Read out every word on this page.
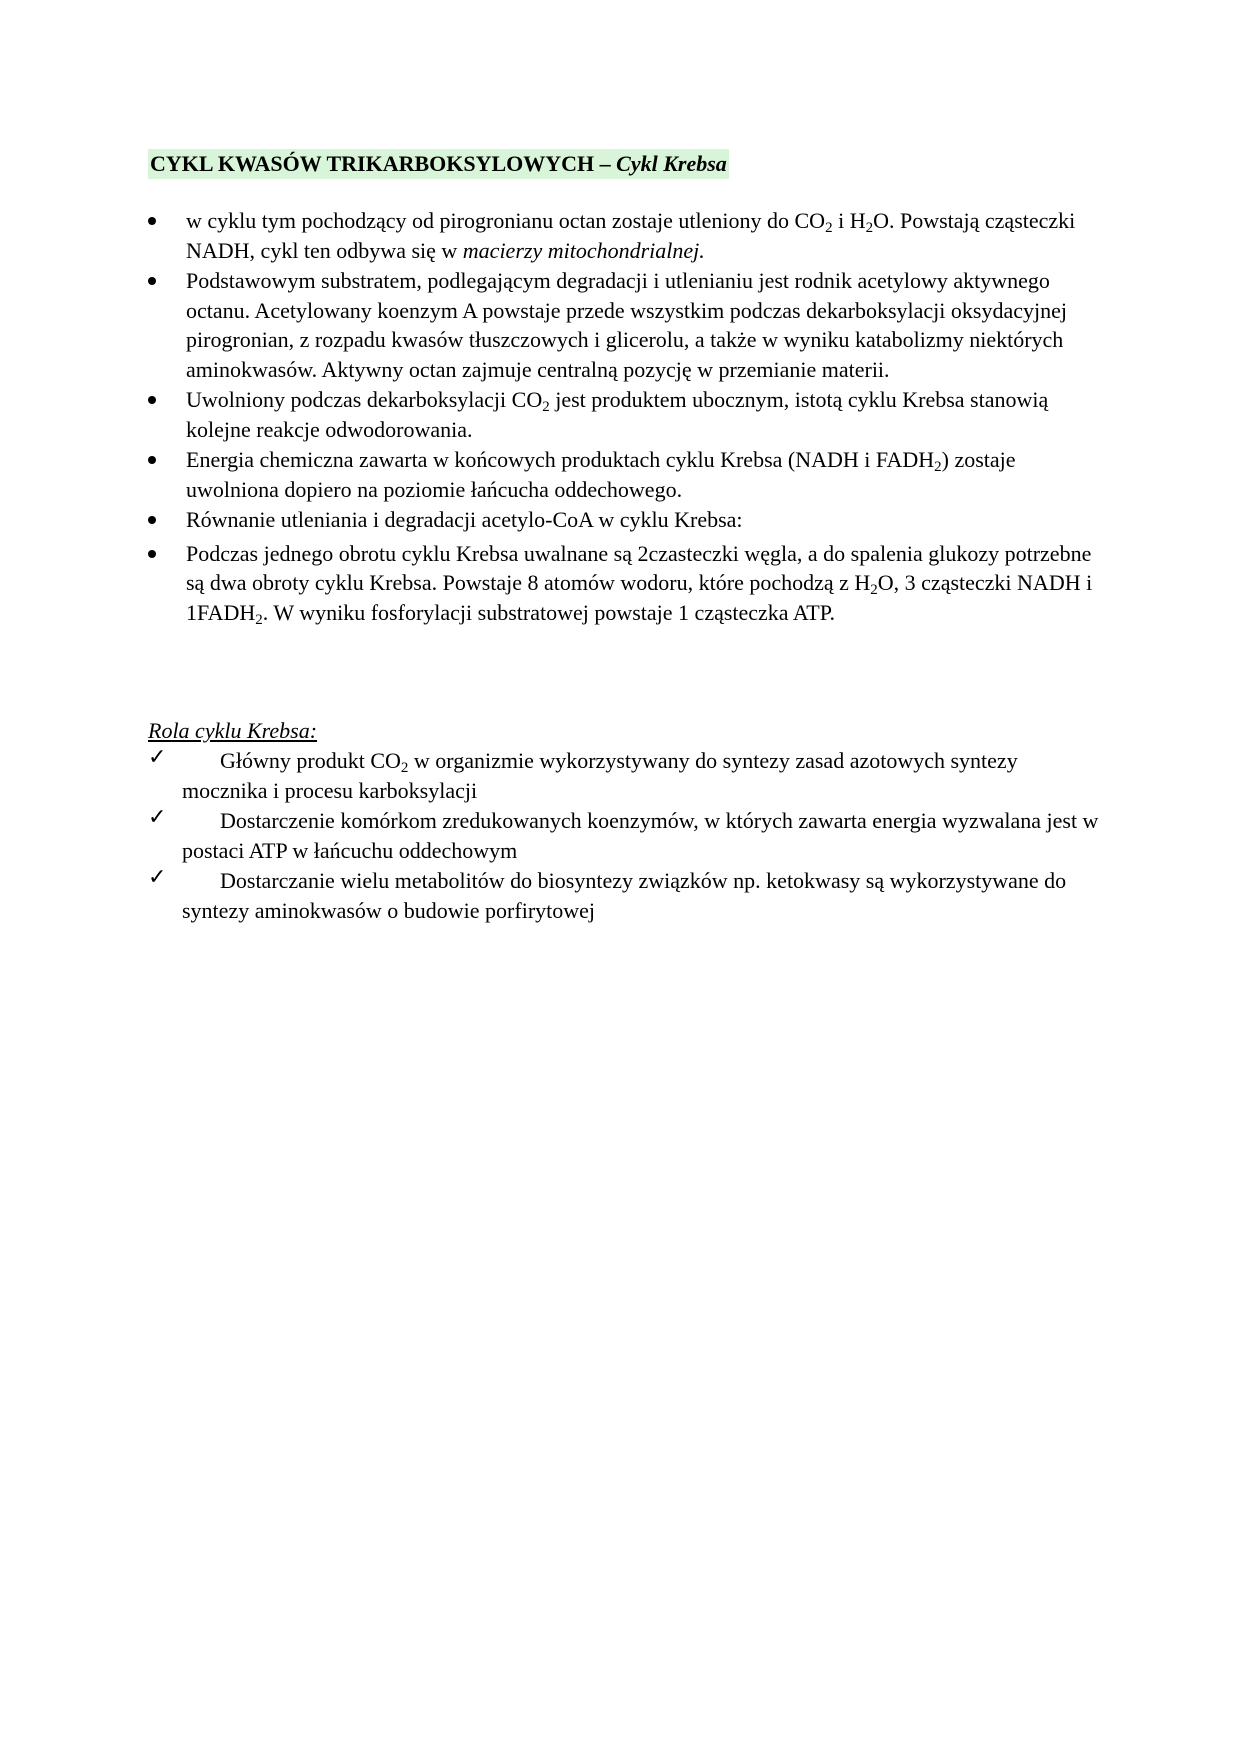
CYKL KWASÓW TRIKARBOKSYLOWYCH – Cykl Krebsa
w cyklu tym pochodzący od pirogronianu octan zostaje utleniony do $CO_2$ i $H_2O$. Powstają cząsteczki NADH, cykl ten odbywa się w macierzy mitochondrialnej.
Podstawowym substratem, podlegającym degradacji i utlenianiu jest rodnik acetylowy aktywnego octanu. Acetylowany koenzym A powstaje przede wszystkim podczas dekarboksylacji oksydacyjnej pirogronian, z rozpadu kwasów tłuszczowych i glicerolu, a także w wyniku katabolizmy niektórych aminokwasów. Aktywny octan zajmuje centralną pozycję w przemianie materii.
Uwolniony podczas dekarboksylacji $CO_2$ jest produktem ubocznym, istotą cyklu Krebsa stanowią kolejne reakcje odwodorowania.
Energia chemiczna zawarta w końcowych produktach cyklu Krebsa (NADH i $FADH_2$) zostaje uwolniona dopiero na poziomie łańcucha oddechowego.
Równanie utleniania i degradacji acetylo-CoA w cyklu Krebsa:
Podczas jednego obrotu cyklu Krebsa uwalnane są 2czasteczki węgla, a do spalenia glukozy potrzebne są dwa obroty cyklu Krebsa. Powstaje 8 atomów wodoru, które pochodzą z $H_2O$, 3 cząsteczki NADH i $1FADH_2$. W wyniku fosforylacji substratowej powstaje 1 cząsteczka ATP.
Rola cyklu Krebsa:
✓ Główny produkt $CO_2$ w organizmie wykorzystywany do syntezy zasad azotowych syntezy mocznika i procesu karboksylacji
✓ Dostarczenie komórkom zredukowanych koenzymów, w których zawarta energia wyzwalana jest w postaci ATP w łańcuchu oddechowym
✓ Dostarczanie wielu metabolitów do biosyntezy związków np. ketokwasy są wykorzystywane do syntezy aminokwasów o budowie porfirytowej
